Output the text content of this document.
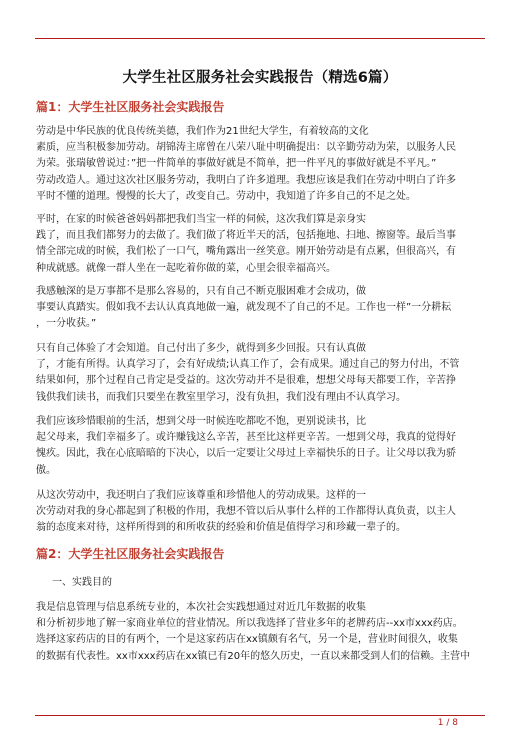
大学生社区服务社会实践报告（精选6篇）
篇1：大学生社区服务社会实践报告
劳动是中华民族的优良传统美德，我们作为21世纪大学生，有着较高的文化
素质，应当积极参加劳动。胡锦涛主席曾在八荣八耻中明确提出：以辛勤劳动为荣，以服务人民
为荣。张瑞敏曾说过：”把一件简单的事做好就是不简单，把一件平凡的事做好就是不平凡。”
劳动改造人。通过这次社区服务劳动，我明白了许多道理。我想应该是我们在劳动中明白了许多
平时不懂的道理。慢慢的长大了，改变自己。劳动中，我知道了许多自己的不足之处。
平时，在家的时候爸爸妈妈都把我们当宝一样的伺候，这次我们算是亲身实
践了，而且我们都努力的去做了。我们做了将近半天的活，包括拖地、扫地、擦窗等。最后当事
情全部完成的时候，我们松了一口气，嘴角露出一丝笑意。刚开始劳动是有点累，但很高兴，有
种成就感。就像一群人坐在一起吃着你做的菜，心里会很幸福高兴。
我感触深的是万事都不是那么容易的，只有自己不断克服困难才会成功，做
事要认真踏实。假如我不去认认真真地做一遍，就发现不了自己的不足。工作也一样”一分耕耘
，一分收获。”
只有自己体验了才会知道。自己付出了多少，就得到多少回报。只有认真做
了，才能有所得。认真学习了，会有好成绩;认真工作了，会有成果。通过自己的努力付出，不管
结果如何，那个过程自己肯定是受益的。这次劳动并不是很难，想想父母每天都要工作，辛苦挣
钱供我们读书，而我们只要坐在教室里学习，没有负担，我们没有理由不认真学习。
我们应该珍惜眼前的生活，想到父母一时候连吃都吃不饱，更别说读书，比
起父母来，我们幸福多了。或许赚钱这么辛苦，甚至比这样更辛苦。一想到父母，我真的觉得好
愧疚。因此，我在心底暗暗的下决心，以后一定要让父母过上幸福快乐的日子。让父母以我为骄
傲。
从这次劳动中，我还明白了我们应该尊重和珍惜他人的劳动成果。这样的一
次劳动对我的身心都起到了积极的作用，我想不管以后从事什么样的工作都得认真负责，以主人
翁的态度来对待，这样所得到的和所收获的经验和价值是值得学习和珍藏一辈子的。
篇2：大学生社区服务社会实践报告
一、实践目的
我是信息管理与信息系统专业的，本次社会实践想通过对近几年数据的收集
和分析初步地了解一家商业单位的营业情况。所以我选择了营业多年的老牌药店--xx市xxx药店。
选择这家药店的目的有两个，一个是这家药店在xx镇颇有名气，另一个是，营业时间很久，收集
的数据有代表性。xx市xxx药店在xx镇已有20年的悠久历史，一直以来都受到人们的信赖。主营中
1 / 8
